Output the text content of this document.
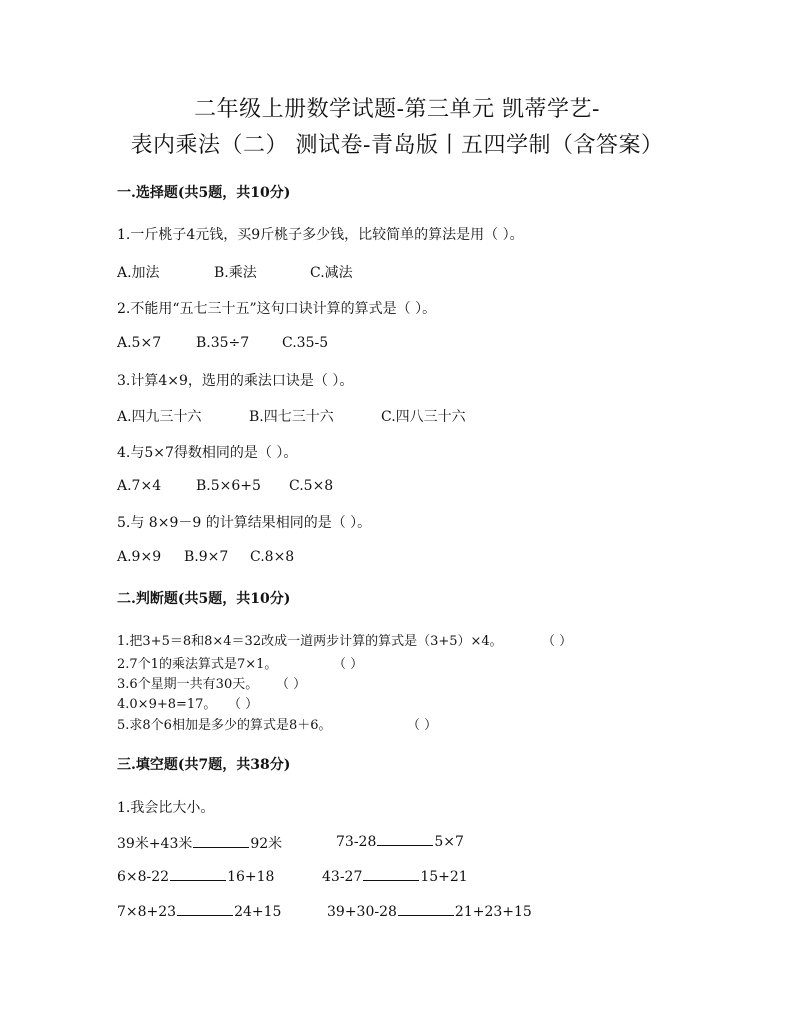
二年级上册数学试题-第三单元 凯蒂学艺-
表内乘法（二） 测试卷-青岛版丨五四学制（含答案）
一.选择题(共5题，共10分)
1.一斤桃子4元钱，买9斤桃子多少钱，比较简单的算法是用（ ）。
A.加法	B.乘法	C.减法
2.不能用“五七三十五”这句口诀计算的算式是（ ）。
A.5×7 B.35÷7 C.35-5
3.计算4×9，选用的乘法口诀是（ ）。
A.四九三十六	B.四七三十六	C.四八三十六
4.与5×7得数相同的是（ ）。
A.7×4 B.5×6+5 C.5×8
5.与 8×9－9 的计算结果相同的是（ ）。
A.9×9 B.9×7 C.8×8
二.判断题(共5题，共10分)
1.把3+5＝8和8×4＝32改成一道两步计算的算式是（3+5）×4。	（ ）
2.7个1的乘法算式是7×1。	（ ）
3.6个星期一共有30天。 （ ）
4.0×9+8=17。 （ ）
5.求8个6相加是多少的算式是8＋6。	（ ）
三.填空题(共7题，共38分)
1.我会比大小。
39米+43米	92米	73-28	5×7
6×8-22	16+18	43-27	15+21
7×8+23	24+15	39+30-28	21+23+15
